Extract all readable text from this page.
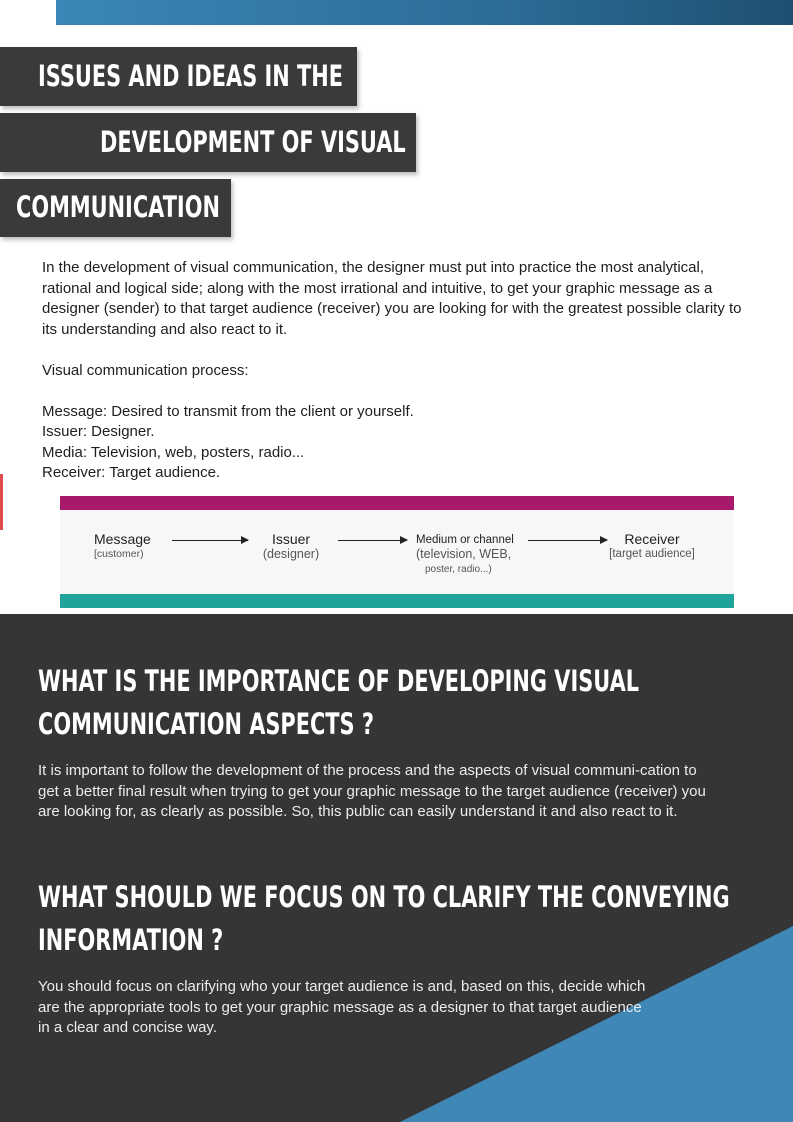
ISSUES AND IDEAS IN THE
DEVELOPMENT OF VISUAL
COMMUNICATION

In the development of visual communication, the designer must put into practice the most analytical, rational and logical side; along with the most irrational and intuitive, to get your graphic message as a designer (sender) to that target audience (receiver) you are looking for with the greatest possible clarity to its understanding and also react to it.

Visual communication process:

Message: Desired to transmit from the client or yourself.

Issuer: Designer.

Media: Television, web, posters, radio...

Receiver: Target audience.

Message
[customer)
Issuer
(designer)
Medium or channel
(television, WEB,
poster, radio...)
Receiver
[target audience]
WHAT IS THE IMPORTANCE OF DEVELOPING VISUAL
COMMUNICATION ASPECTS ?
It is important to follow the development of the process and the aspects of visual communi-cation to get a better final result when trying to get your graphic message to the target audience (receiver) you are looking for, as clearly as possible. So, this public can easily understand it and also react to it.
WHAT SHOULD WE FOCUS ON TO CLARIFY THE CONVEYING
INFORMATION ?
You should focus on clarifying who your target audience is and, based on this, decide which are the appropriate tools to get your graphic message as a designer to that target audience in a clear and concise way.
